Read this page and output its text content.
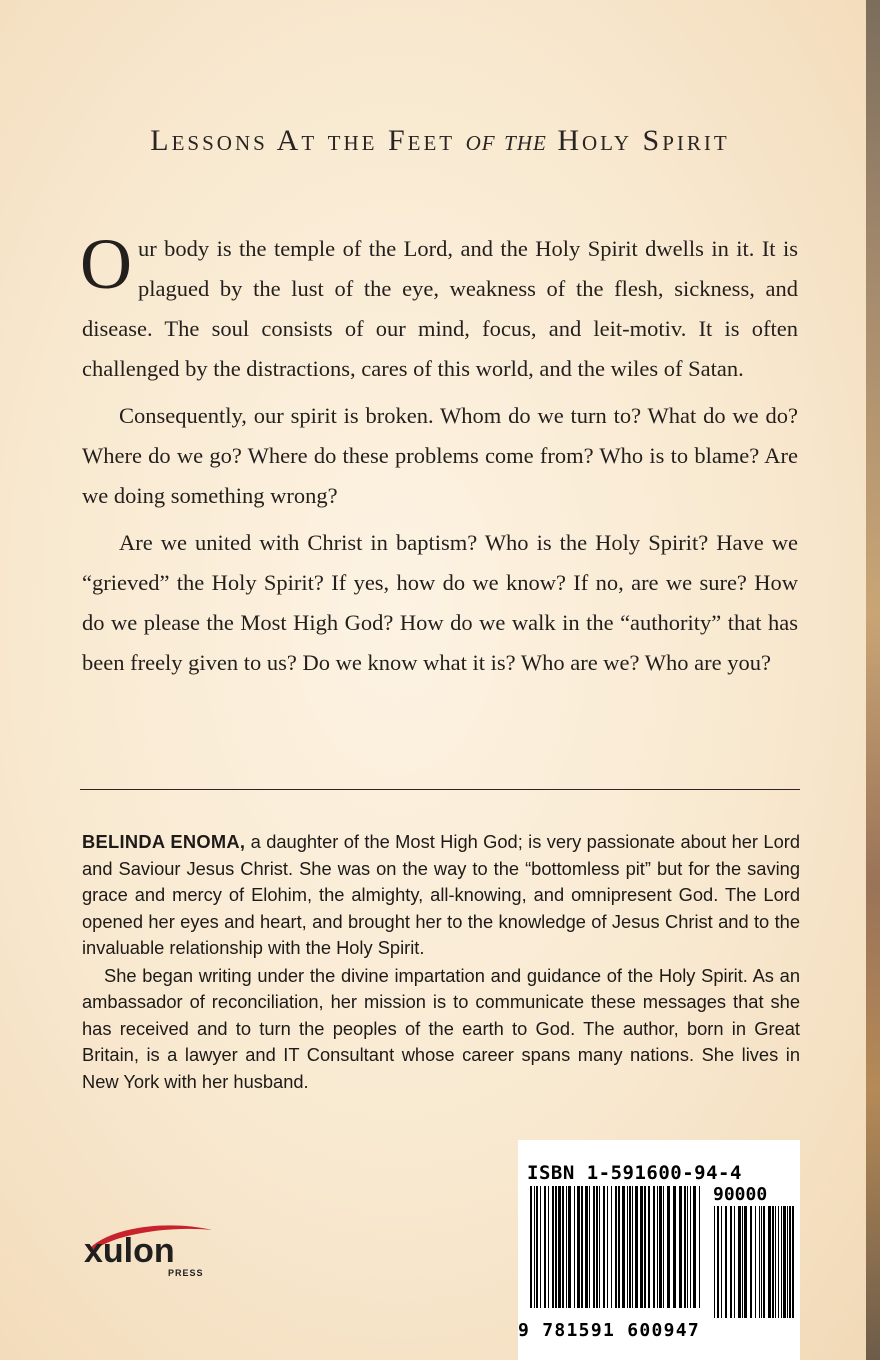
Lessons At the Feet of the Holy Spirit

Our body is the temple of the Lord, and the Holy Spirit dwells in it. It is plagued by the lust of the eye, weakness of the flesh, sickness, and disease. The soul consists of our mind, focus, and leit-motiv. It is often challenged by the distractions, cares of this world, and the wiles of Satan.

Consequently, our spirit is broken. Whom do we turn to? What do we do? Where do we go? Where do these problems come from? Who is to blame? Are we doing something wrong?

Are we united with Christ in baptism? Who is the Holy Spirit? Have we “grieved” the Holy Spirit? If yes, how do we know? If no, are we sure? How do we please the Most High God? How do we walk in the “authority” that has been freely given to us? Do we know what it is? Who are we? Who are you?

BELINDA ENOMA, a daughter of the Most High God; is very passionate about her Lord and Saviour Jesus Christ. She was on the way to the “bottomless pit” but for the saving grace and mercy of Elohim, the almighty, all-knowing, and omnipresent God. The Lord opened her eyes and heart, and brought her to the knowledge of Jesus Christ and to the invaluable relationship with the Holy Spirit.

She began writing under the divine impartation and guidance of the Holy Spirit. As an ambassador of reconciliation, her mission is to communicate these messages that she has received and to turn the peoples of the earth to God. The author, born in Great Britain, is a lawyer and IT Consultant whose career spans many nations. She lives in New York with her husband.

xulon
PRESS
ISBN 1-591600-94-4
90000
9 781591 600947
